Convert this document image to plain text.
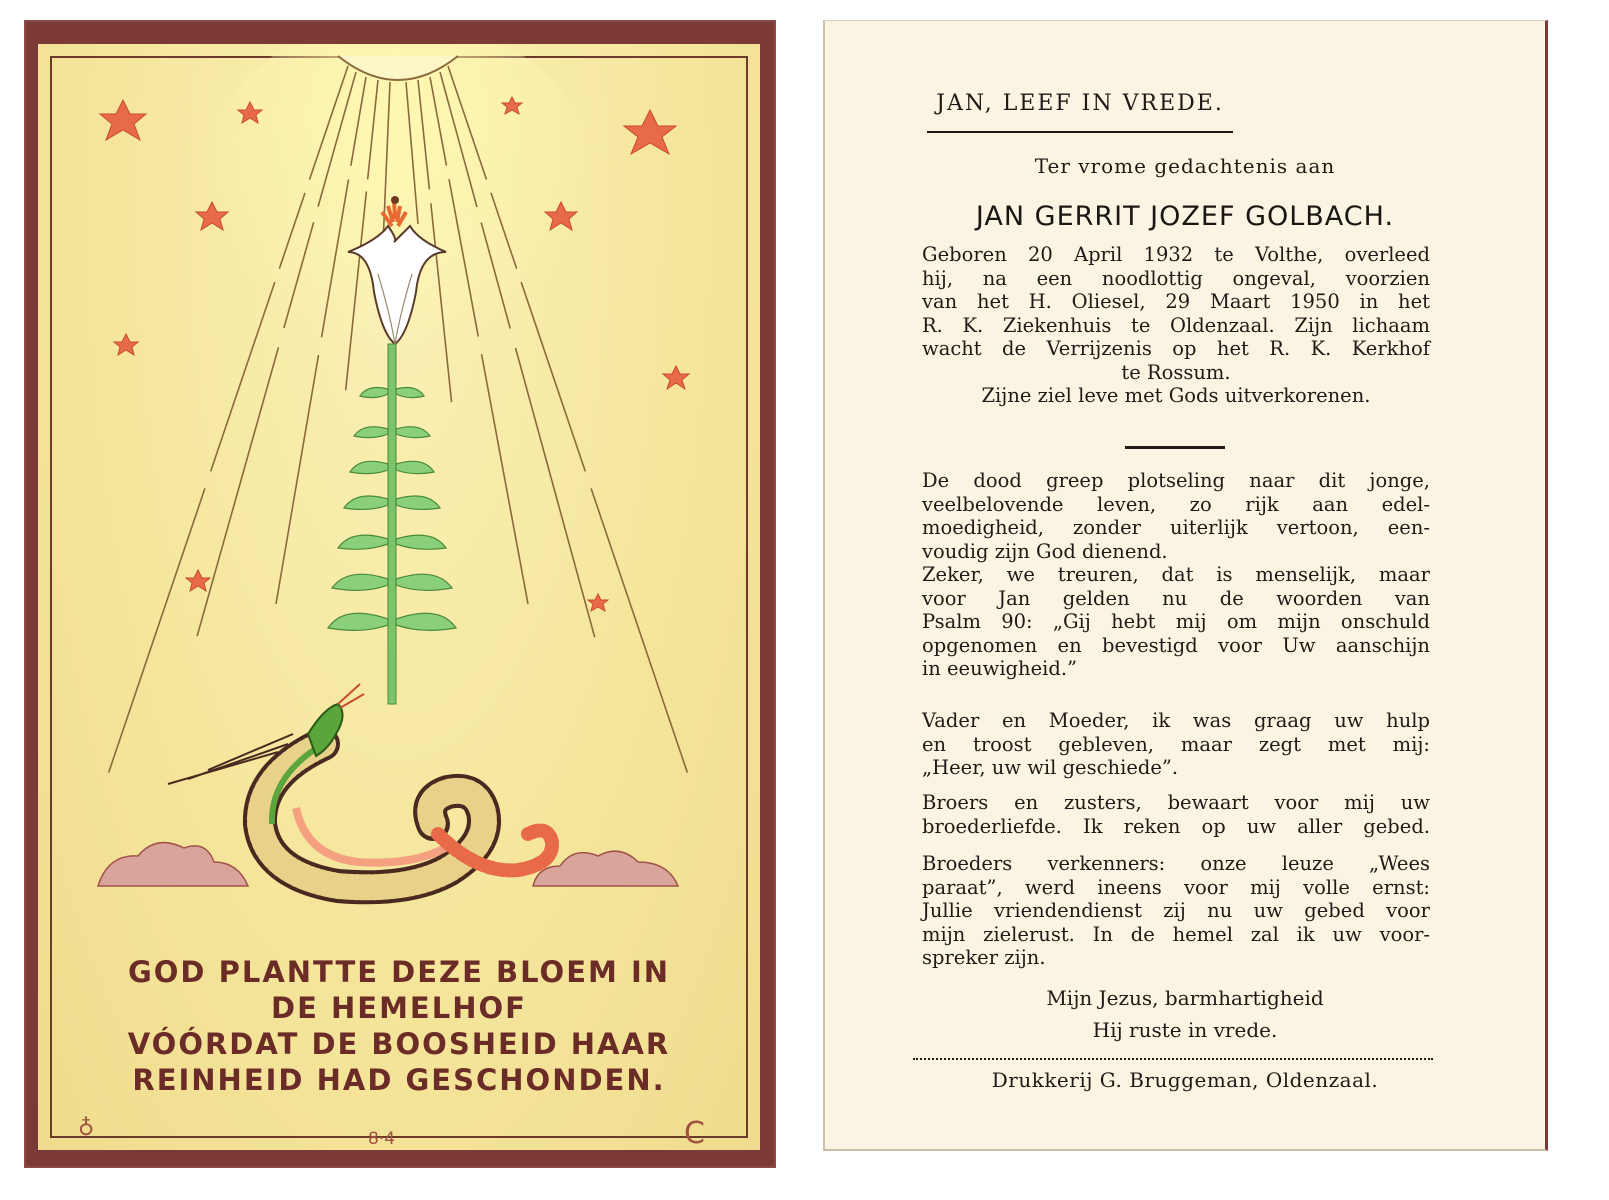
GOD PLANTTE DEZE BLOEM IN
DE HEMELHOF
VÓÓRDAT DE BOOSHEID HAAR
REINHEID HAD GESCHONDEN.
♁	8·4	C
JAN, LEEF IN VREDE.
Ter vrome gedachtenis aan
JAN GERRIT JOZEF GOLBACH.
Geboren 20 April 1932 te Volthe, overleed
hij, na een noodlottig ongeval, voorzien
van het H. Oliesel, 29 Maart 1950 in het
R. K. Ziekenhuis te Oldenzaal. Zijn lichaam
wacht de Verrijzenis op het R. K. Kerkhof
te Rossum.
Zijne ziel leve met Gods uitverkorenen.
De dood greep plotseling naar dit jonge,
veelbelovende leven, zo rijk aan edel-
moedigheid, zonder uiterlijk vertoon, een-
voudig zijn God dienend.
Zeker, we treuren, dat is menselijk, maar
voor Jan gelden nu de woorden van
Psalm 90: „Gij hebt mij om mijn onschuld
opgenomen en bevestigd voor Uw aanschijn
in eeuwigheid.”
Vader en Moeder, ik was graag uw hulp
en troost gebleven, maar zegt met mij:
„Heer, uw wil geschiede”.
Broers en zusters, bewaart voor mij uw
broederliefde. Ik reken op uw aller gebed.
Broeders verkenners: onze leuze „Wees
paraat”, werd ineens voor mij volle ernst:
Jullie vriendendienst zij nu uw gebed voor
mijn zielerust. In de hemel zal ik uw voor-
spreker zijn.
Mijn Jezus, barmhartigheid
Hij ruste in vrede.
Drukkerij G. Bruggeman, Oldenzaal.
